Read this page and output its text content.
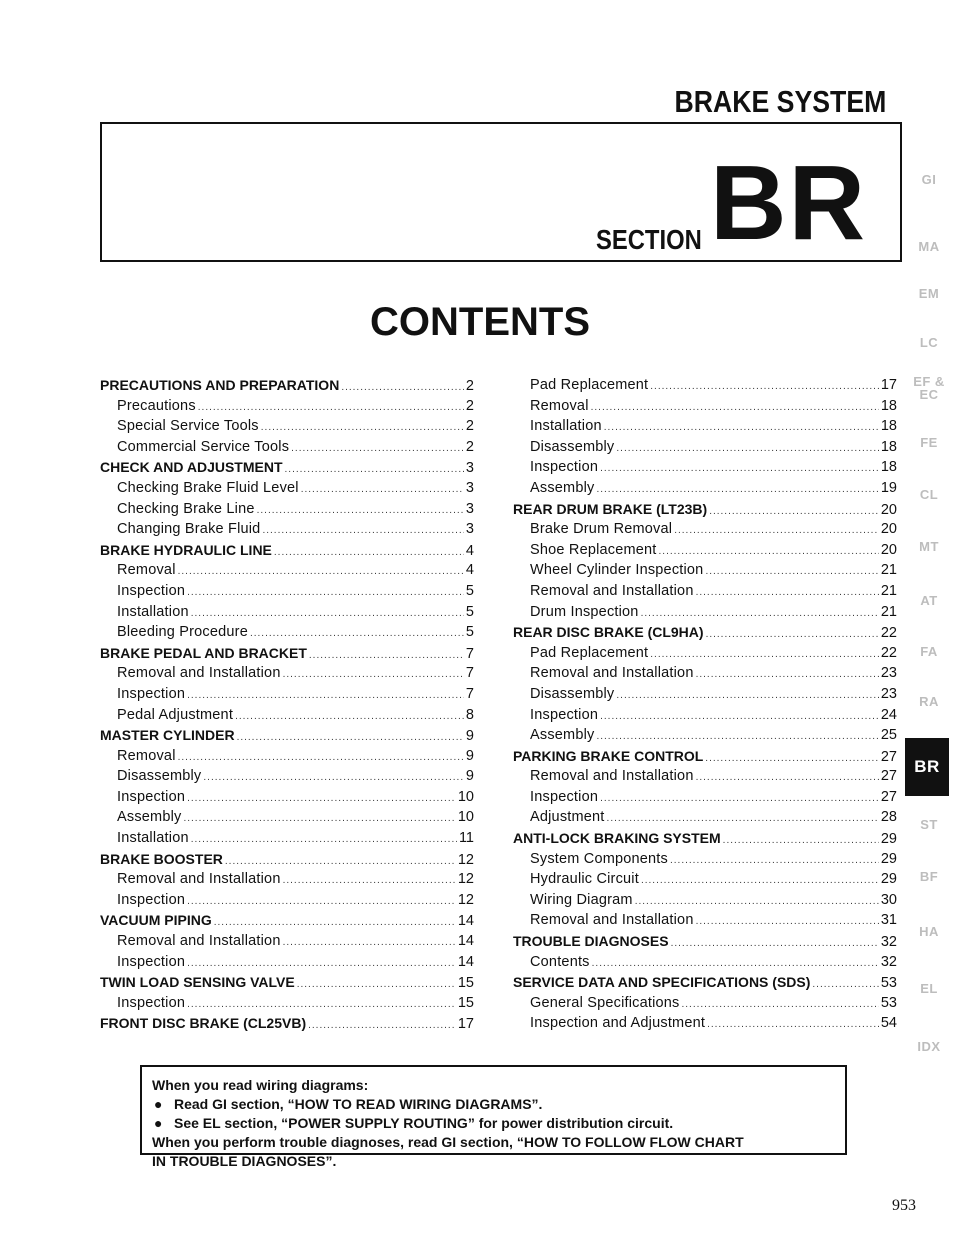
BRAKE SYSTEM
SECTION BR
CONTENTS
PRECAUTIONS AND PREPARATION .....	2
Precautions .....	2
Special Service Tools .....	2
Commercial Service Tools .....	2
CHECK AND ADJUSTMENT .....	3
Checking Brake Fluid Level .....	3
Checking Brake Line .....	3
Changing Brake Fluid .....	3
BRAKE HYDRAULIC LINE .....	4
Removal .....	4
Inspection .....	5
Installation .....	5
Bleeding Procedure .....	5
BRAKE PEDAL AND BRACKET .....	7
Removal and Installation .....	7
Inspection .....	7
Pedal Adjustment .....	8
MASTER CYLINDER .....	9
Removal .....	9
Disassembly .....	9
Inspection .....	10
Assembly .....	10
Installation .....	11
BRAKE BOOSTER .....	12
Removal and Installation .....	12
Inspection .....	12
VACUUM PIPING .....	14
Removal and Installation .....	14
Inspection .....	14
TWIN LOAD SENSING VALVE .....	15
Inspection .....	15
FRONT DISC BRAKE (CL25VB) .....	17
Pad Replacement .....	17
Removal .....	18
Installation .....	18
Disassembly .....	18
Inspection .....	18
Assembly .....	19
REAR DRUM BRAKE (LT23B) .....	20
Brake Drum Removal .....	20
Shoe Replacement .....	20
Wheel Cylinder Inspection .....	21
Removal and Installation .....	21
Drum Inspection .....	21
REAR DISC BRAKE (CL9HA) .....	22
Pad Replacement .....	22
Removal and Installation .....	23
Disassembly .....	23
Inspection .....	24
Assembly .....	25
PARKING BRAKE CONTROL .....	27
Removal and Installation .....	27
Inspection .....	27
Adjustment .....	28
ANTI-LOCK BRAKING SYSTEM .....	29
System Components .....	29
Hydraulic Circuit .....	29
Wiring Diagram .....	30
Removal and Installation .....	31
TROUBLE DIAGNOSES .....	32
Contents .....	32
SERVICE DATA AND SPECIFICATIONS (SDS) .....	53
General Specifications .....	53
Inspection and Adjustment .....	54
GI
MA
EM
LC
EF &
EC
FE
CL
MT
AT
FA
RA
BR
ST
BF
HA
EL
IDX
When you read wiring diagrams:
● Read GI section, “HOW TO READ WIRING DIAGRAMS”.
● See EL section, “POWER SUPPLY ROUTING” for power distribution circuit.
When you perform trouble diagnoses, read GI section, “HOW TO FOLLOW FLOW CHART
IN TROUBLE DIAGNOSES”.
953
